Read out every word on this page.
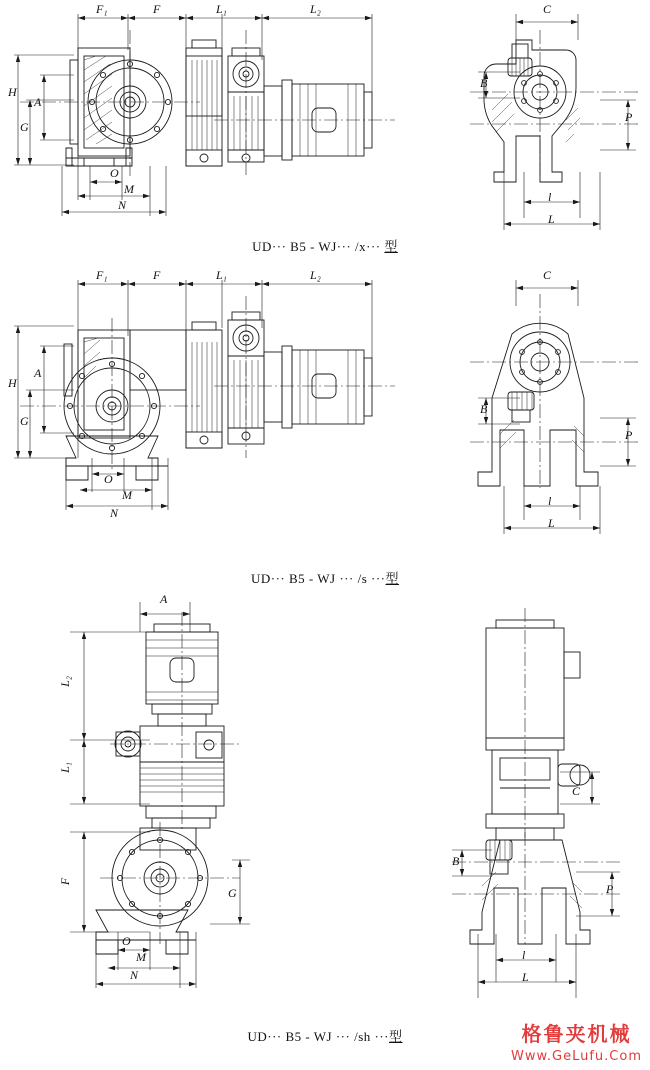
UD··· B5 - WJ··· /x··· 型
F₁	F	L₁	L₂
H
A
G
O
M
N
C
B
P
l
L
UD··· B5 - WJ ··· /s ···型
F₁	F	L₁	L₂
H
A
G
O
M
N
C
B
P
l
L
UD··· B5 - WJ ··· /sh ···型
A
L₂
L₁
F
G
O
M
N
C
B
P
l
L
格鲁夹机械
Www.GeLufu.Com
